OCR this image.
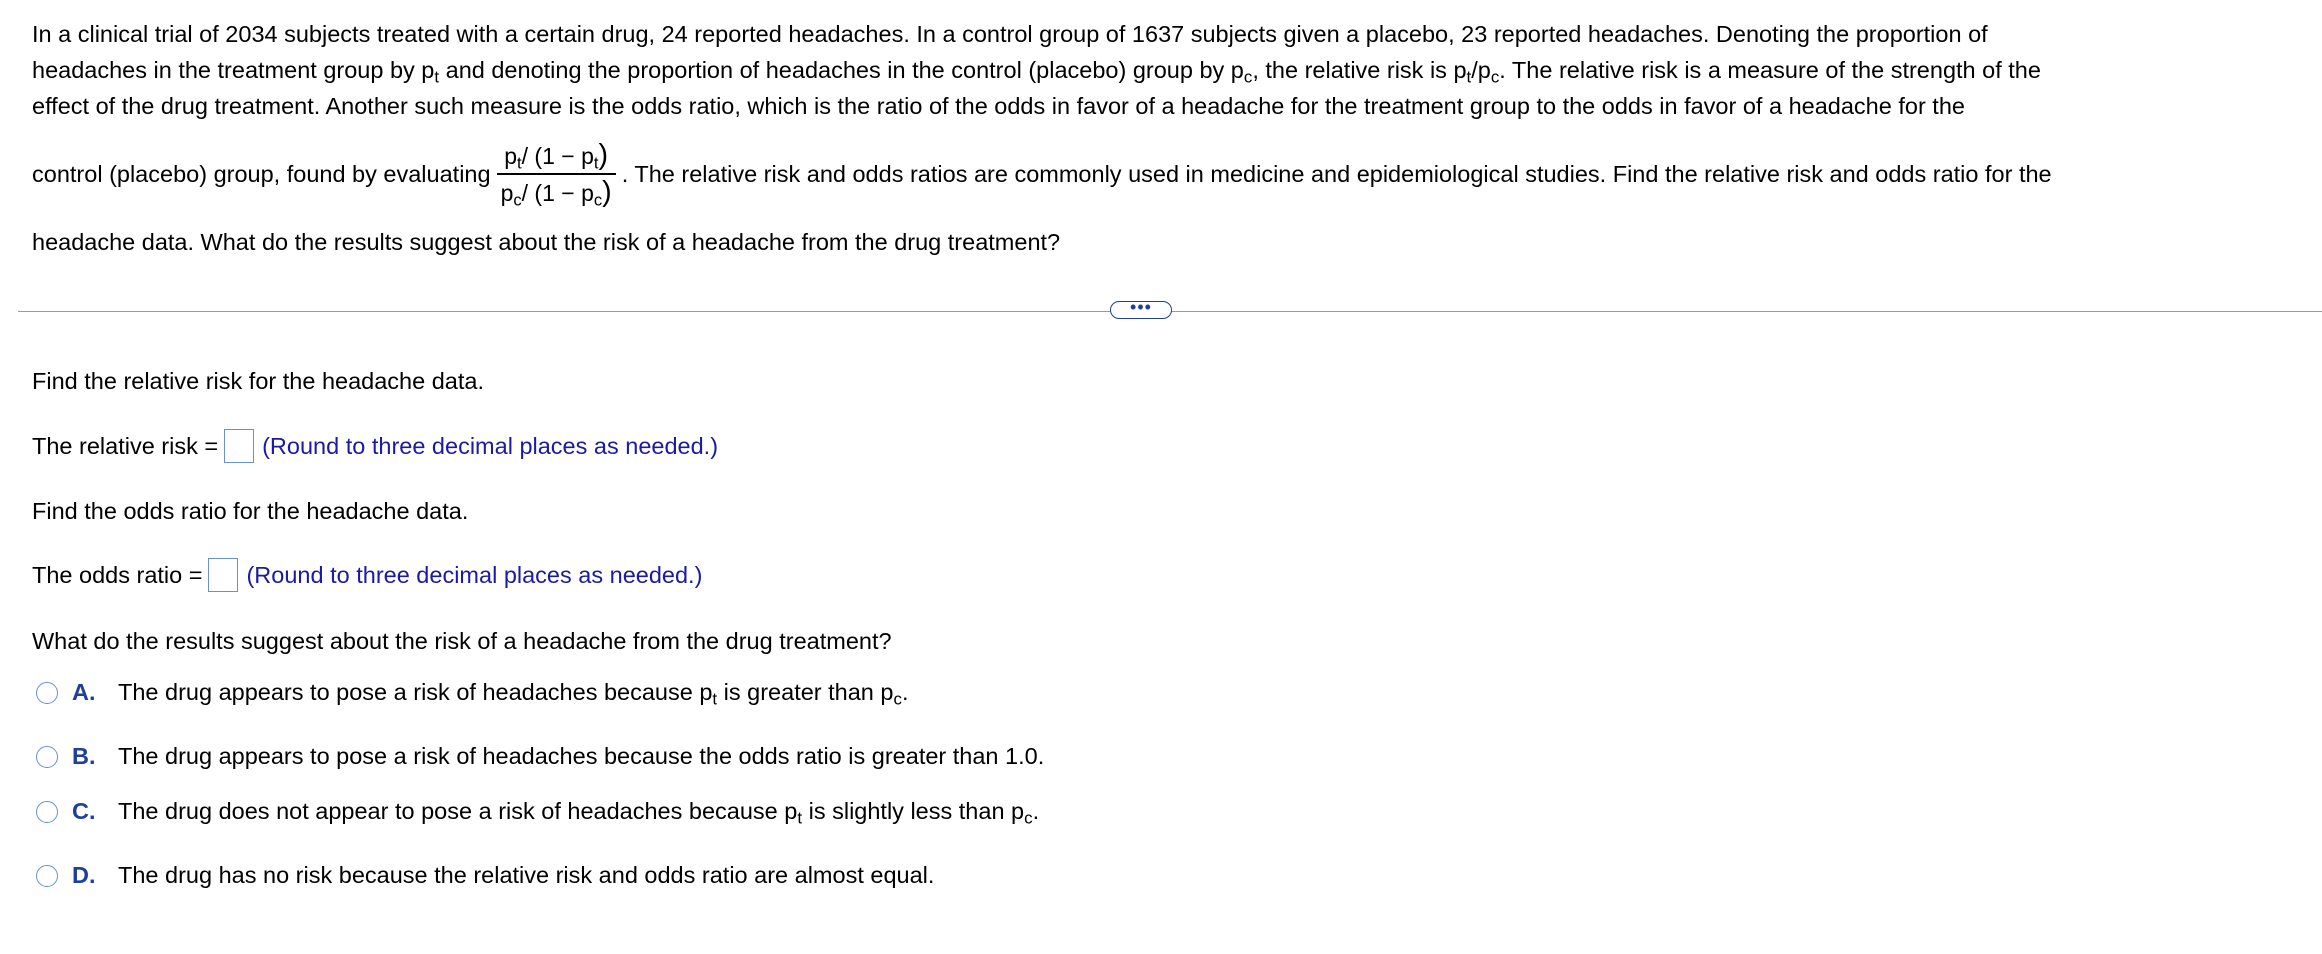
In a clinical trial of 2034 subjects treated with a certain drug, 24 reported headaches. In a control group of 1637 subjects given a placebo, 23 reported headaches. Denoting the proportion of
headaches in the treatment group by $p_t$ and denoting the proportion of headaches in the control (placebo) group by $p_c$, the relative risk is $p_t/p_c$. The relative risk is a measure of the strength of the
effect of the drug treatment. Another such measure is the odds ratio, which is the ratio of the odds in favor of a headache for the treatment group to the odds in favor of a headache for the
control (placebo) group, found by evaluating $\frac{p_t/ (1 - p_t)}{p_c/ (1 - p_c)}$ . The relative risk and odds ratios are commonly used in medicine and epidemiological studies. Find the relative risk and odds ratio for the
headache data. What do the results suggest about the risk of a headache from the drug treatment?
•••
Find the relative risk for the headache data.
The relative risk = (Round to three decimal places as needed.)
Find the odds ratio for the headache data.
The odds ratio = (Round to three decimal places as needed.)
What do the results suggest about the risk of a headache from the drug treatment?
A. The drug appears to pose a risk of headaches because $p_t$ is greater than $p_c$.
B. The drug appears to pose a risk of headaches because the odds ratio is greater than 1.0.
C. The drug does not appear to pose a risk of headaches because $p_t$ is slightly less than $p_c$.
D. The drug has no risk because the relative risk and odds ratio are almost equal.
